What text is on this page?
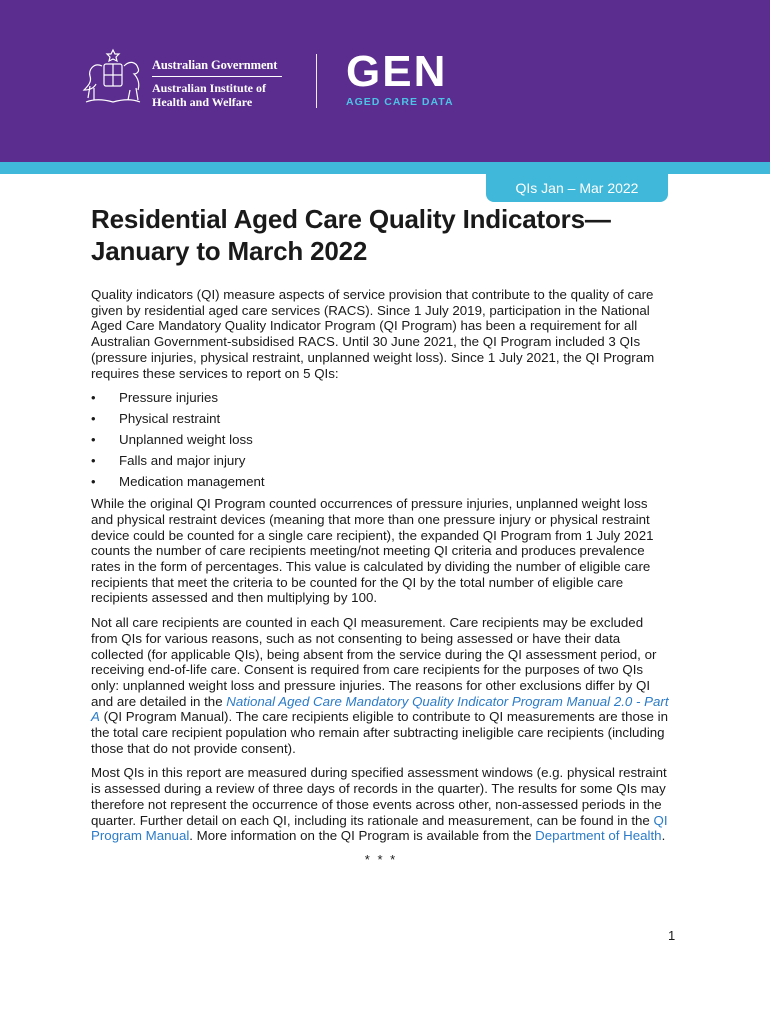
Australian Government
Australian Institute of
Health and Welfare
GEN
AGED CARE DATA
QIs Jan – Mar 2022
Residential Aged Care Quality Indicators—
January to March 2022

Quality indicators (QI) measure aspects of service provision that contribute to the quality of care given by residential aged care services (RACS). Since 1 July 2019, participation in the National Aged Care Mandatory Quality Indicator Program (QI Program) has been a requirement for all Australian Government-subsidised RACS. Until 30 June 2021, the QI Program included 3 QIs (pressure injuries, physical restraint, unplanned weight loss). Since 1 July 2021, the QI Program requires these services to report on 5 QIs:

• Pressure injuries
• Physical restraint
• Unplanned weight loss
• Falls and major injury
• Medication management

While the original QI Program counted occurrences of pressure injuries, unplanned weight loss and physical restraint devices (meaning that more than one pressure injury or physical restraint device could be counted for a single care recipient), the expanded QI Program from 1 July 2021 counts the number of care recipients meeting/not meeting QI criteria and produces prevalence rates in the form of percentages. This value is calculated by dividing the number of eligible care recipients that meet the criteria to be counted for the QI by the total number of eligible care recipients assessed and then multiplying by 100.

Not all care recipients are counted in each QI measurement. Care recipients may be excluded from QIs for various reasons, such as not consenting to being assessed or have their data collected (for applicable QIs), being absent from the service during the QI assessment period, or receiving end-of-life care. Consent is required from care recipients for the purposes of two QIs only: unplanned weight loss and pressure injuries. The reasons for other exclusions differ by QI and are detailed in the National Aged Care Mandatory Quality Indicator Program Manual 2.0 - Part A (QI Program Manual). The care recipients eligible to contribute to QI measurements are those in the total care recipient population who remain after subtracting ineligible care recipients (including those that do not provide consent).

Most QIs in this report are measured during specified assessment windows (e.g. physical restraint is assessed during a review of three days of records in the quarter). The results for some QIs may therefore not represent the occurrence of those events across other, non-assessed periods in the quarter. Further detail on each QI, including its rationale and measurement, can be found in the QI Program Manual. More information on the QI Program is available from the Department of Health.

* * *
1
